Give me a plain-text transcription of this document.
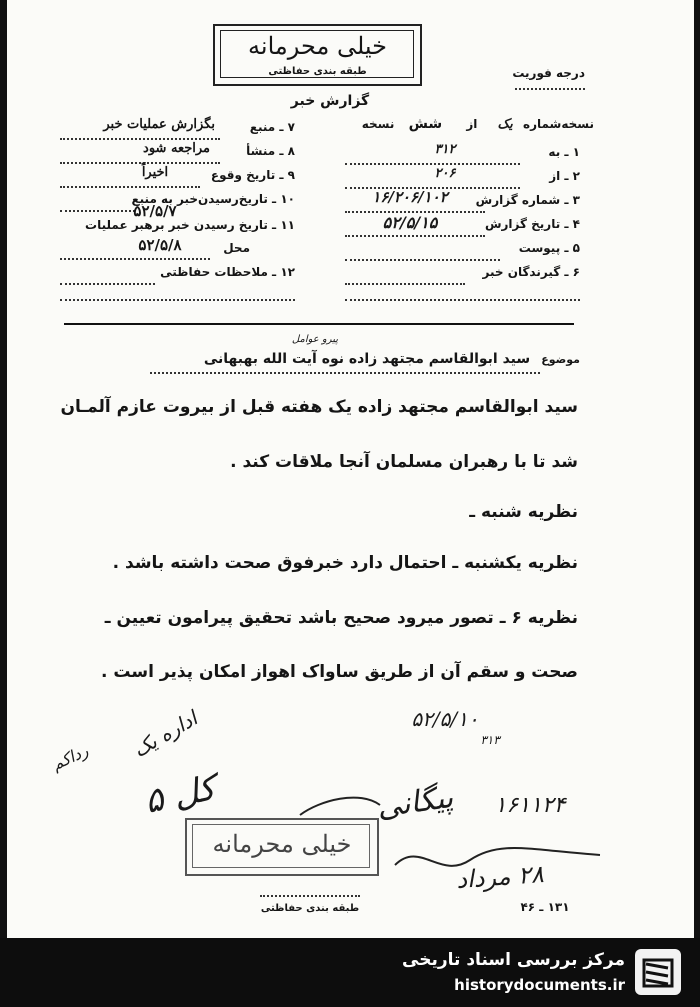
خیلی محرمانه
طبقه بندی حفاظتی	درجه فوریت
گزارش خبر
نسخه‌شماره یک از شش نسخه
۱ ـ به
۳۱۲
۲ ـ از
۲۰۶
۳ ـ شماره گزارش
۱۶/۲۰۶/۱۰۲
۴ ـ تاریخ گزارش
۵۲/۵/۱۵
۵ ـ پیوست
۶ ـ گیرندگان خبر
۷ ـ منبع
بگزارش عملیات خبر
۸ ـ منشأ
مراجعه شود
۹ ـ تاریخ وقوع
اخیراً
۱۰ ـ تاریخ‌رسیدن‌خبر به منبع
۵۲/۵/۷
۱۱ ـ تاریخ رسیدن خبر برهبر عملیات
محل
۵۲/۵/۸
۱۲ ـ ملاحظات حفاظتی
موضوع سید ابوالقاسم مجتهد زاده نوه آیت الله بهبهانی
پیرو عوامل
سید ابوالقاسم مجتهد زاده یک هفته قبل از بیروت عازم آلمـان
شد تا با رهبران مسلمان آنجا ملاقات کند .
نظریه شنبه ـ
نظریه یکشنبه ـ احتمال دارد خبرفوق صحت داشته باشد .
نظریه ۶ ـ تصور میرود صحیح باشد تحقیق پیرامون تعیین ـ
صحت و سقم آن از طریق ساواک اهواز امکان پذیر است .
۵۲/۵/۱۰
۳۱۳
اداره یک
رداکم
کل ۵	۱۶۱۱۲۴
پیگانی
۲۸ مرداد
خیلی محرمانه
طبقه بندی حفاظتی	۱۳۱ ـ ۴۶
مرکز بررسی اسناد تاریخی
historydocuments.ir
